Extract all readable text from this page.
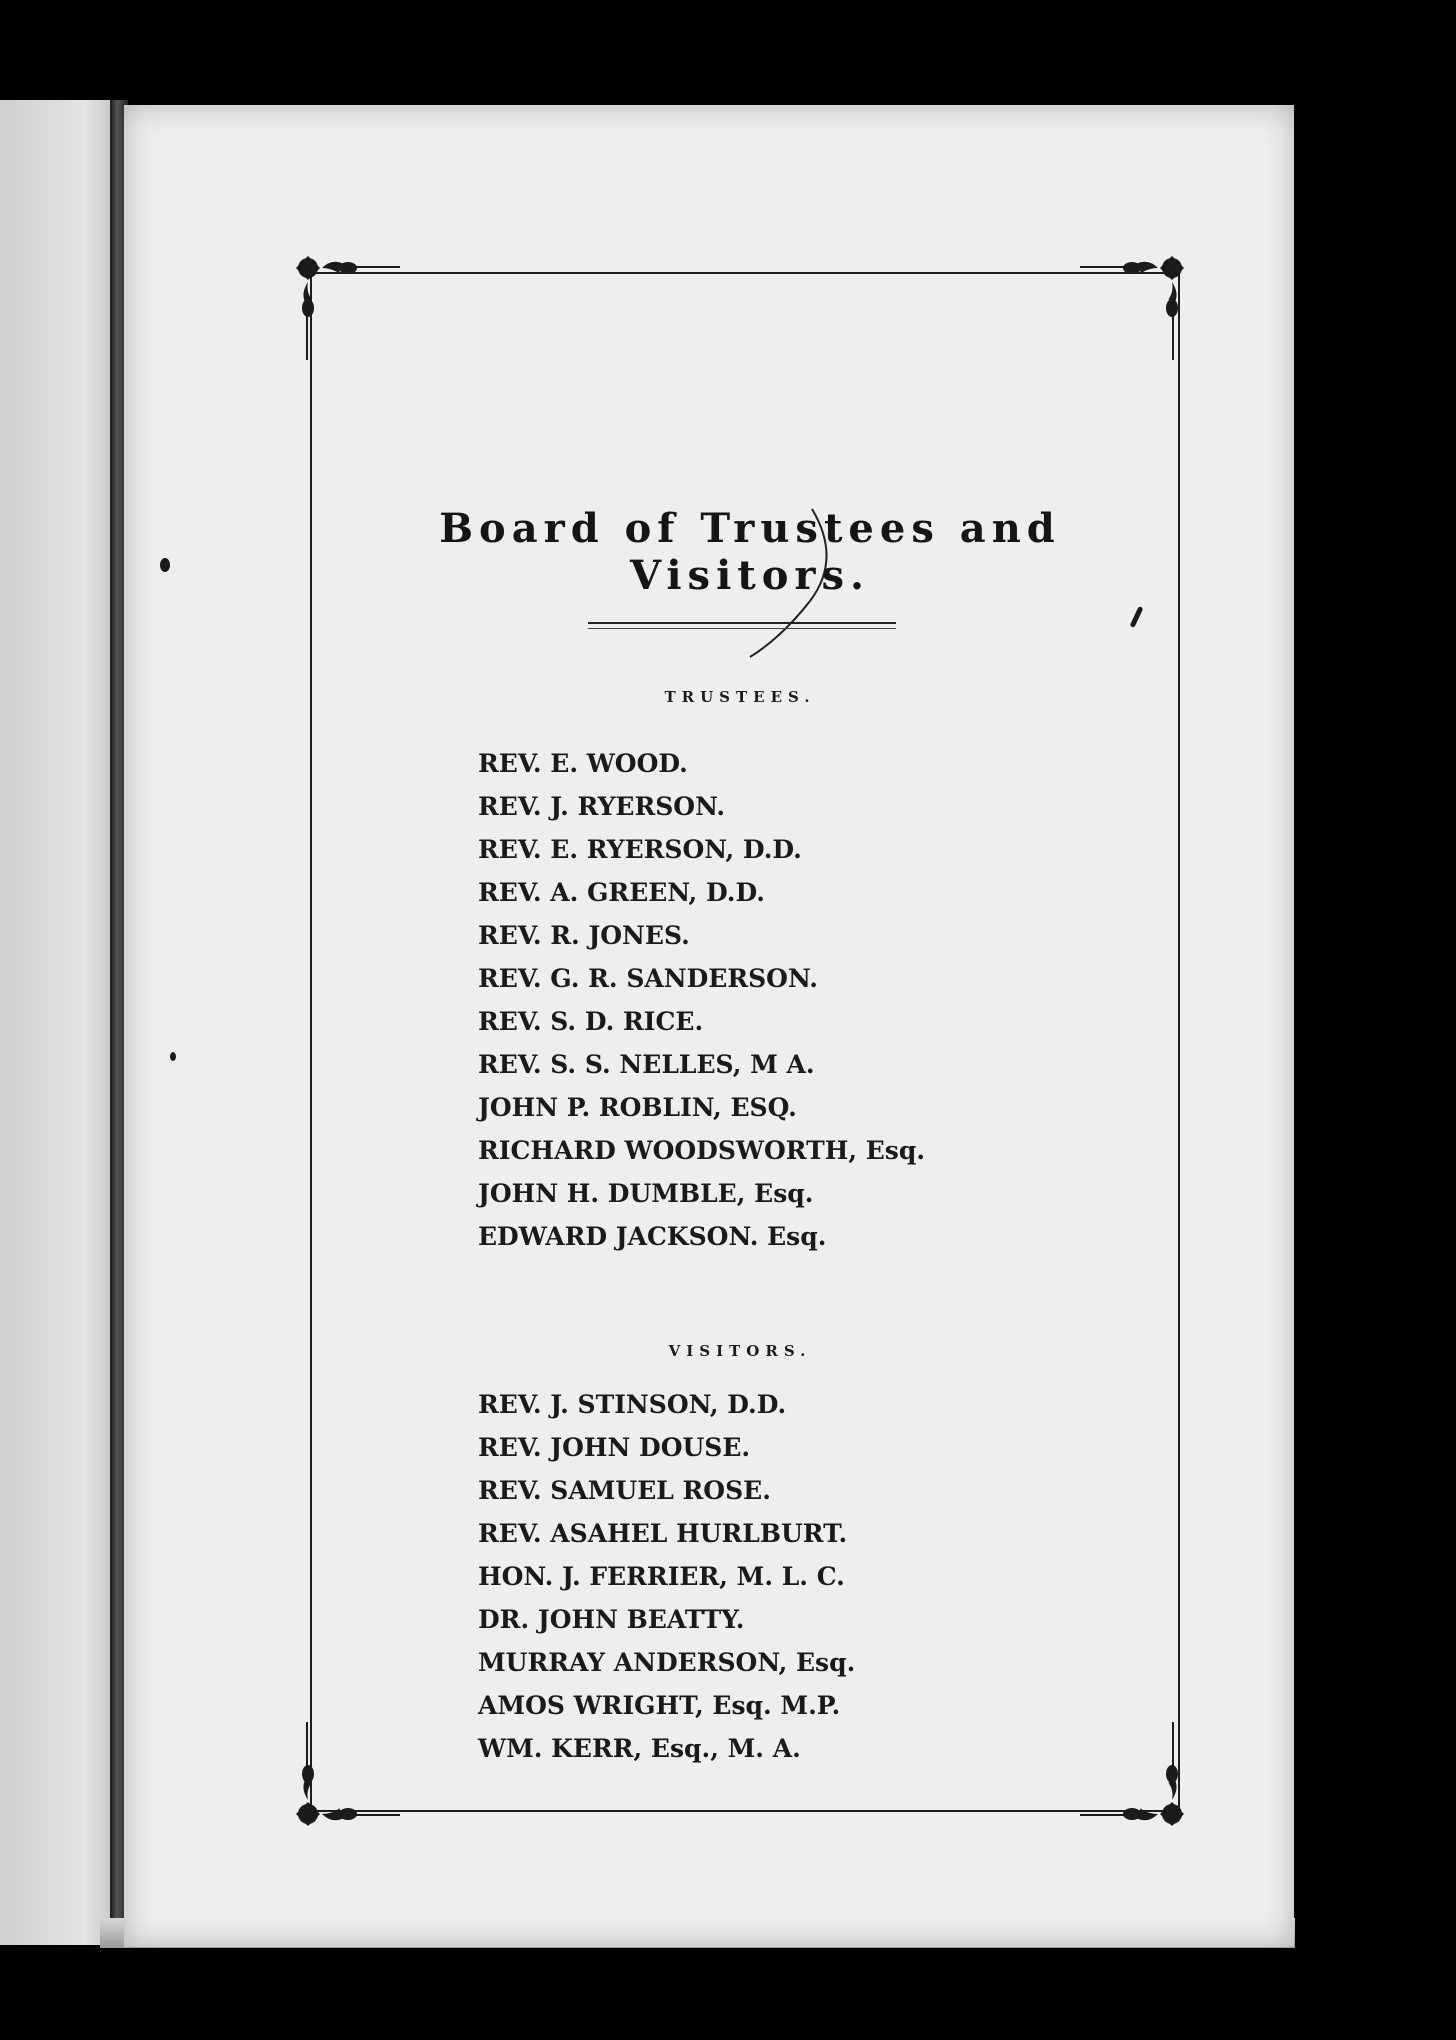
Board of Trustees and Visitors.
TRUSTEES.
REV. E. WOOD.
REV. J. RYERSON.
REV. E. RYERSON, D.D.
REV. A. GREEN, D.D.
REV. R. JONES.
REV. G. R. SANDERSON.
REV. S. D. RICE.
REV. S. S. NELLES, M A.
JOHN P. ROBLIN, ESQ.
RICHARD WOODSWORTH, Esq.
JOHN H. DUMBLE, Esq.
EDWARD JACKSON. Esq.
VISITORS.
REV. J. STINSON, D.D.
REV. JOHN DOUSE.
REV. SAMUEL ROSE.
REV. ASAHEL HURLBURT.
HON. J. FERRIER, M. L. C.
DR. JOHN BEATTY.
MURRAY ANDERSON, Esq.
AMOS WRIGHT, Esq. M.P.
WM. KERR, Esq., M. A.
